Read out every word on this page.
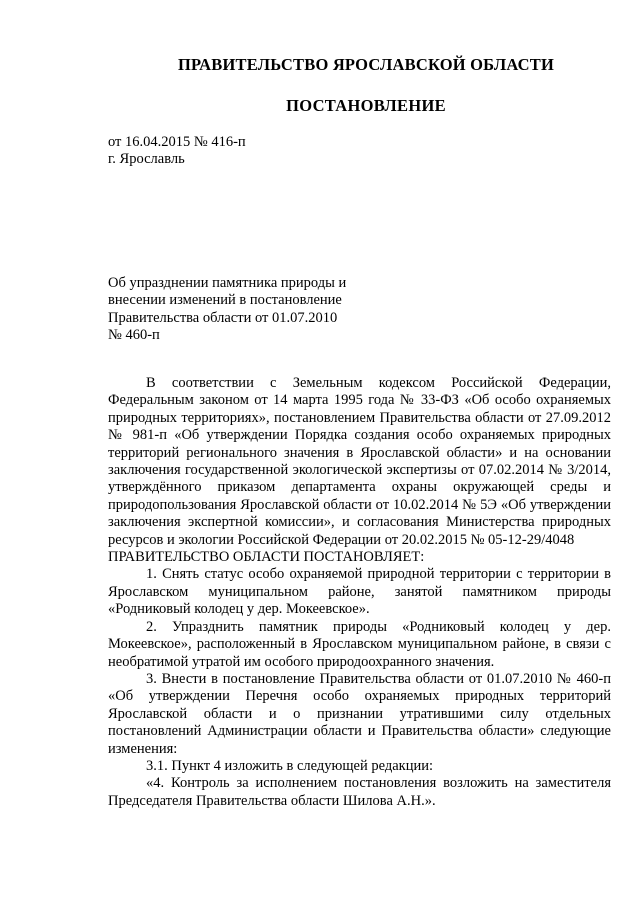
ПРАВИТЕЛЬСТВО ЯРОСЛАВСКОЙ ОБЛАСТИ
ПОСТАНОВЛЕНИЕ
от 16.04.2015 № 416-п
г. Ярославль
Об упразднении памятника природы и внесении изменений в постановление Правительства области от 01.07.2010 № 460-п

В соответствии с Земельным кодексом Российской Федерации, Федеральным законом от 14 марта 1995 года № 33-ФЗ «Об особо охраняемых природных территориях», постановлением Правительства области от 27.09.2012 № 981-п «Об утверждении Порядка создания особо охраняемых природных территорий регионального значения в Ярославской области» и на основании заключения государственной экологической экспертизы от 07.02.2014 № 3/2014, утверждённого приказом департамента охраны окружающей среды и природопользования Ярославской области от 10.02.2014 № 5Э «Об утверждении заключения экспертной комиссии», и согласования Министерства природных ресурсов и экологии Российской Федерации от 20.02.2015 № 05-12-29/4048

ПРАВИТЕЛЬСТВО ОБЛАСТИ ПОСТАНОВЛЯЕТ:

1. Снять статус особо охраняемой природной территории с территории в Ярославском муниципальном районе, занятой памятником природы «Родниковый колодец у дер. Мокеевское».

2. Упразднить памятник природы «Родниковый колодец у дер. Мокеевское», расположенный в Ярославском муниципальном районе, в связи с необратимой утратой им особого природоохранного значения.

3. Внести в постановление Правительства области от 01.07.2010 № 460-п «Об утверждении Перечня особо охраняемых природных территорий Ярославской области и о признании утратившими силу отдельных постановлений Администрации области и Правительства области» следующие изменения:

3.1. Пункт 4 изложить в следующей редакции:

«4. Контроль за исполнением постановления возложить на заместителя Председателя Правительства области Шилова А.Н.».
